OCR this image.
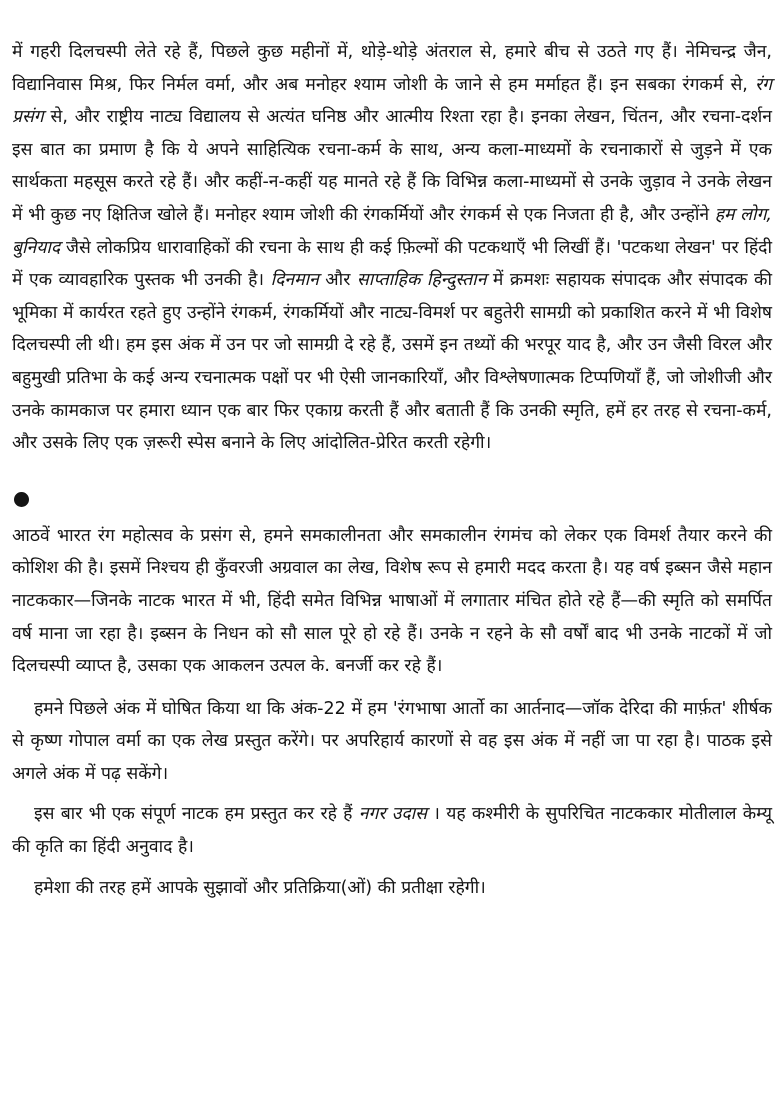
में गहरी दिलचस्पी लेते रहे हैं, पिछले कुछ महीनों में, थोड़े-थोड़े अंतराल से, हमारे बीच से उठते गए हैं। नेमिचन्द्र जैन, विद्यानिवास मिश्र, फिर निर्मल वर्मा, और अब मनोहर श्याम जोशी के जाने से हम मर्माहत हैं। इन सबका रंगकर्म से, रंग प्रसंग से, और राष्ट्रीय नाट्य विद्यालय से अत्यंत घनिष्ठ और आत्मीय रिश्ता रहा है। इनका लेखन, चिंतन, और रचना-दर्शन इस बात का प्रमाण है कि ये अपने साहित्यिक रचना-कर्म के साथ, अन्य कला-माध्यमों के रचनाकारों से जुड़ने में एक सार्थकता महसूस करते रहे हैं। और कहीं-न-कहीं यह मानते रहे हैं कि विभिन्न कला-माध्यमों से उनके जुड़ाव ने उनके लेखन में भी कुछ नए क्षितिज खोले हैं। मनोहर श्याम जोशी की रंगकर्मियों और रंगकर्म से एक निजता ही है, और उन्होंने हम लोग, बुनियाद जैसे लोकप्रिय धारावाहिकों की रचना के साथ ही कई फ़िल्मों की पटकथाएँ भी लिखीं हैं। 'पटकथा लेखन' पर हिंदी में एक व्यावहारिक पुस्तक भी उनकी है। दिनमान और साप्ताहिक हिन्दुस्तान में क्रमशः सहायक संपादक और संपादक की भूमिका में कार्यरत रहते हुए उन्होंने रंगकर्म, रंगकर्मियों और नाट्य-विमर्श पर बहुतेरी सामग्री को प्रकाशित करने में भी विशेष दिलचस्पी ली थी। हम इस अंक में उन पर जो सामग्री दे रहे हैं, उसमें इन तथ्यों की भरपूर याद है, और उन जैसी विरल और बहुमुखी प्रतिभा के कई अन्य रचनात्मक पक्षों पर भी ऐसी जानकारियाँ, और विश्लेषणात्मक टिप्पणियाँ हैं, जो जोशीजी और उनके कामकाज पर हमारा ध्यान एक बार फिर एकाग्र करती हैं और बताती हैं कि उनकी स्मृति, हमें हर तरह से रचना-कर्म, और उसके लिए एक ज़रूरी स्पेस बनाने के लिए आंदोलित-प्रेरित करती रहेगी।

आठवें भारत रंग महोत्सव के प्रसंग से, हमने समकालीनता और समकालीन रंगमंच को लेकर एक विमर्श तैयार करने की कोशिश की है। इसमें निश्चय ही कुँवरजी अग्रवाल का लेख, विशेष रूप से हमारी मदद करता है। यह वर्ष इब्सन जैसे महान नाटककार—जिनके नाटक भारत में भी, हिंदी समेत विभिन्न भाषाओं में लगातार मंचित होते रहे हैं—की स्मृति को समर्पित वर्ष माना जा रहा है। इब्सन के निधन को सौ साल पूरे हो रहे हैं। उनके न रहने के सौ वर्षों बाद भी उनके नाटकों में जो दिलचस्पी व्याप्त है, उसका एक आकलन उत्पल के. बनर्जी कर रहे हैं।

हमने पिछले अंक में घोषित किया था कि अंक-22 में हम 'रंगभाषा आर्तो का आर्तनाद—जॉक देरिदा की मार्फ़त' शीर्षक से कृष्ण गोपाल वर्मा का एक लेख प्रस्तुत करेंगे। पर अपरिहार्य कारणों से वह इस अंक में नहीं जा पा रहा है। पाठक इसे अगले अंक में पढ़ सकेंगे।

इस बार भी एक संपूर्ण नाटक हम प्रस्तुत कर रहे हैं नगर उदास । यह कश्मीरी के सुपरिचित नाटककार मोतीलाल केम्यू की कृति का हिंदी अनुवाद है।

हमेशा की तरह हमें आपके सुझावों और प्रतिक्रिया(ओं) की प्रतीक्षा रहेगी।
